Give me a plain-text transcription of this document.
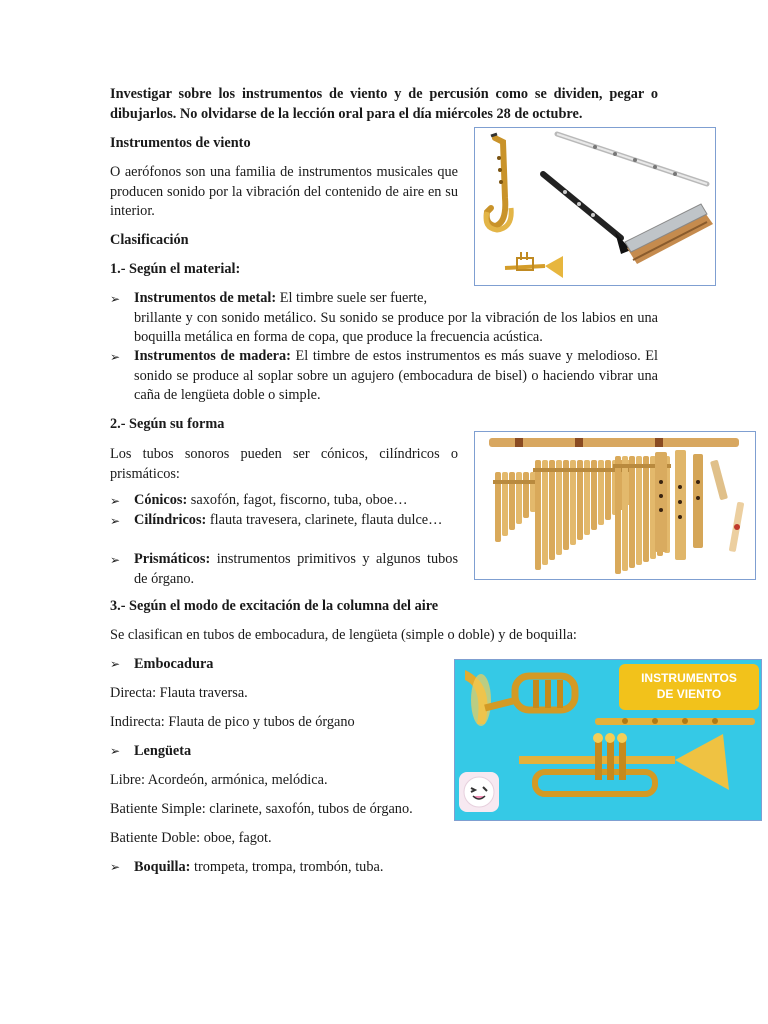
Investigar sobre los instrumentos de viento y de percusión como se dividen, pegar o dibujarlos. No olvidarse de la lección oral para el día miércoles 28 de octubre.

Instrumentos de viento

O aerófonos son una familia de instrumentos musicales que producen sonido por la vibración del contenido de aire en su interior.

Clasificación

1.- Según el material:

➢ Instrumentos de metal: El timbre suele ser fuerte,
brillante y con sonido metálico. Su sonido se produce por la vibración de los labios en una boquilla metálica en forma de copa, que produce la frecuencia acústica.
➢ Instrumentos de madera: El timbre de estos instrumentos es más suave y melodioso. El sonido se produce al soplar sobre un agujero (embocadura de bisel) o haciendo vibrar una caña de lengüeta doble o simple.

2.- Según su forma

Los tubos sonoros pueden ser cónicos, cilíndricos o prismáticos:

➢ Cónicos: saxofón, fagot, fiscorno, tuba, oboe…
➢ Cilíndricos: flauta travesera, clarinete, flauta dulce…
➢ Prismáticos: instrumentos primitivos y algunos tubos de órgano.

3.- Según el modo de excitación de la columna del aire

Se clasifican en tubos de embocadura, de lengüeta (simple o doble) y de boquilla:

➢ Embocadura

Directa: Flauta traversa.

Indirecta: Flauta de pico y tubos de órgano

➢ Lengüeta

Libre: Acordeón, armónica, melódica.

Batiente Simple: clarinete, saxofón, tubos de órgano.

Batiente Doble: oboe, fagot.

➢ Boquilla: trompeta, trompa, trombón, tuba.
INSTRUMENTOS
DE VIENTO
